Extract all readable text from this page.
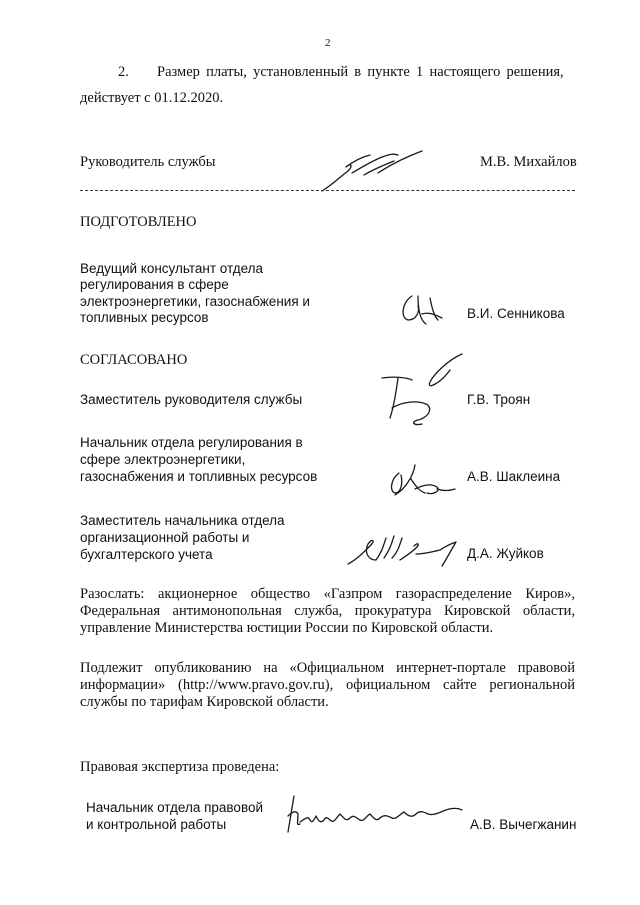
2
2. Размер платы, установленный в пункте 1 настоящего решения,
действует с 01.12.2020.
Руководитель службы	М.В. Михайлов
ПОДГОТОВЛЕНО
Ведущий консультант отдела
регулирования в сфере
электроэнергетики, газоснабжения и
топливных ресурсов	В.И. Сенникова
СОГЛАСОВАНО
Заместитель руководителя службы	Г.В. Троян
Начальник отдела регулирования в
сфере электроэнергетики,
газоснабжения и топливных ресурсов	А.В. Шаклеина
Заместитель начальника отдела
организационной работы и
бухгалтерского учета	Д.А. Жуйков
Разослать: акционерное общество «Газпром газораспределение Киров», Федеральная антимонопольная служба, прокуратура Кировской области, управление Министерства юстиции России по Кировской области.
Подлежит опубликованию на «Официальном интернет-портале правовой информации» (http://www.pravo.gov.ru), официальном сайте региональной службы по тарифам Кировской области.
Правовая экспертиза проведена:
Начальник отдела правовой
и контрольной работы	А.В. Вычегжанин
